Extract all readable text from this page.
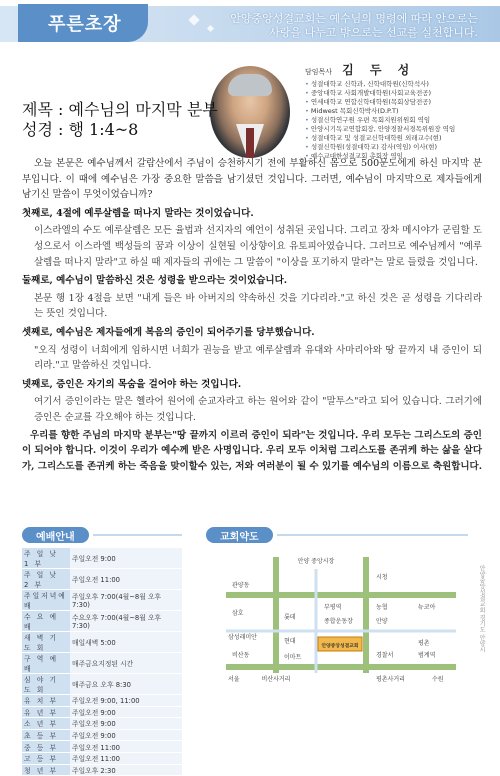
푸른초장	안양중앙성결교회는 예수님의 명령에 따라 안으로는
사랑을 나누고 밖으로는 선교를 실천합니다.
담임목사 김 두 성
• 성결대학교 신학과, 신학대학원(신학석사)
• 중앙대학교 사회개발대학원(사회교육전공)
• 연세대학교 연합신학대학원(목회상담전공)
• Midwest 목회신학박사(D.P.T)
• 성결신학연구원 우편 목회지원위원회 역임
• 안양시기독교연합회장, 안양경찰서경목위원장 역임
• 성결대학교 및 성결교신학대학원 외래교수(현)
• 성결신학원(성결대학교) 감사(역임) 이사(현)
• 예수교대한성결교회 총회장 역임
제목 : 예수님의 마지막 분부
성경 : 행 1:4~8

오늘 본문은 예수님께서 갈람산에서 주님이 승천하시기 전에 부활하신 몸으로 500문도에게 하신 마지막 분부입니다. 이 때에 예수님은 가장 중요한 말씀을 남기셨던 것입니다. 그러면, 예수님이 마지막으로 제자들에게 남기신 말씀이 무엇이었습니까?

첫째로, 4절에 예루살렘을 떠나지 말라는 것이었습니다.

이스라엘의 수도 예루살렘은 모든 율법과 선지자의 예언이 성취된 곳입니다. 그리고 장차 메시야가 군림할 도성으로서 이스라엘 백성들의 꿈과 이상이 실현될 이상향이요 유토피아였습니다. 그러므로 예수님께서 "예루살렘을 떠나지 말라"고 하실 때 제자들의 귀에는 그 말씀이 "이상을 포기하지 말라"는 말로 들렸을 것입니다.

둘째로, 예수님이 말씀하신 것은 성령을 받으라는 것이었습니다.

본문 행 1장 4절을 보면 "내게 들은 바 아버지의 약속하신 것을 기다리라."고 하신 것은 곧 성령을 기다리라는 뜻인 것입니다.

셋째로, 예수님은 제자들에게 복음의 증인이 되어주기를 당부했습니다.

"오직 성령이 너희에게 임하시면 너희가 권능을 받고 예루살렘과 유대와 사마리아와 땅 끝까지 내 증인이 되리라."고 말씀하신 것입니다.

넷째로, 증인은 자기의 목숨을 걸어야 하는 것입니다.

여기서 증인이라는 말은 헬라어 원어에 순교자라고 하는 원어와 같이 "말투스"라고 되어 있습니다. 그러기에 증인은 순교를 각오해야 하는 것입니다.

우리를 향한 주님의 마지막 분부는"땅 끝까지 이르러 증인이 되라"는 것입니다. 우리 모두는 그리스도의 증인이 되어야 합니다. 이것이 우리가 예수께 받은 사명입니다. 우리 모두 이처럼 그리스도를 존귀케 하는 삶을 살다가, 그리스도를 존귀케 하는 죽음을 맞이할수 있는, 저와 여러분이 될 수 있기를 예수님의 이름으로 축원합니다.

예배안내
주 일 낮 1 부	주일오전 9:00
주 일 낮 2 부	주일오전 11:00
주일저녁예배	주일오후 7:00(4월~8월 오후 7:30)
수 요 예 배	수요오후 7:00(4월~8월 오후 7:30)
새 벽 기 도 회	매일새벽 5:00
구 역 예 배	매주금요지정된 시간
심 야 기 도 회	매주금요 오후 8:30
유 치 부	주일오전 9:00, 11:00
유 년 부	주일오전 9:00
소 년 부	주일오전 9:00
초 등 부	주일오전 9:00
중 등 부	주일오전 11:00
고 등 부	주일오전 11:00
청 년 부	주일오후 2:30
교회약도
안양중앙성결교회
안양 중앙시장
관양동
삼호
삼성래미안
롯데
현대
이마트
비산동
부평역
종합운동장
시청
농협	뉴코아
안양
평촌
경찰서	범계역
서울	수원
비산사거리	평촌사거리
안양중앙성결교회 경기도 안양시
